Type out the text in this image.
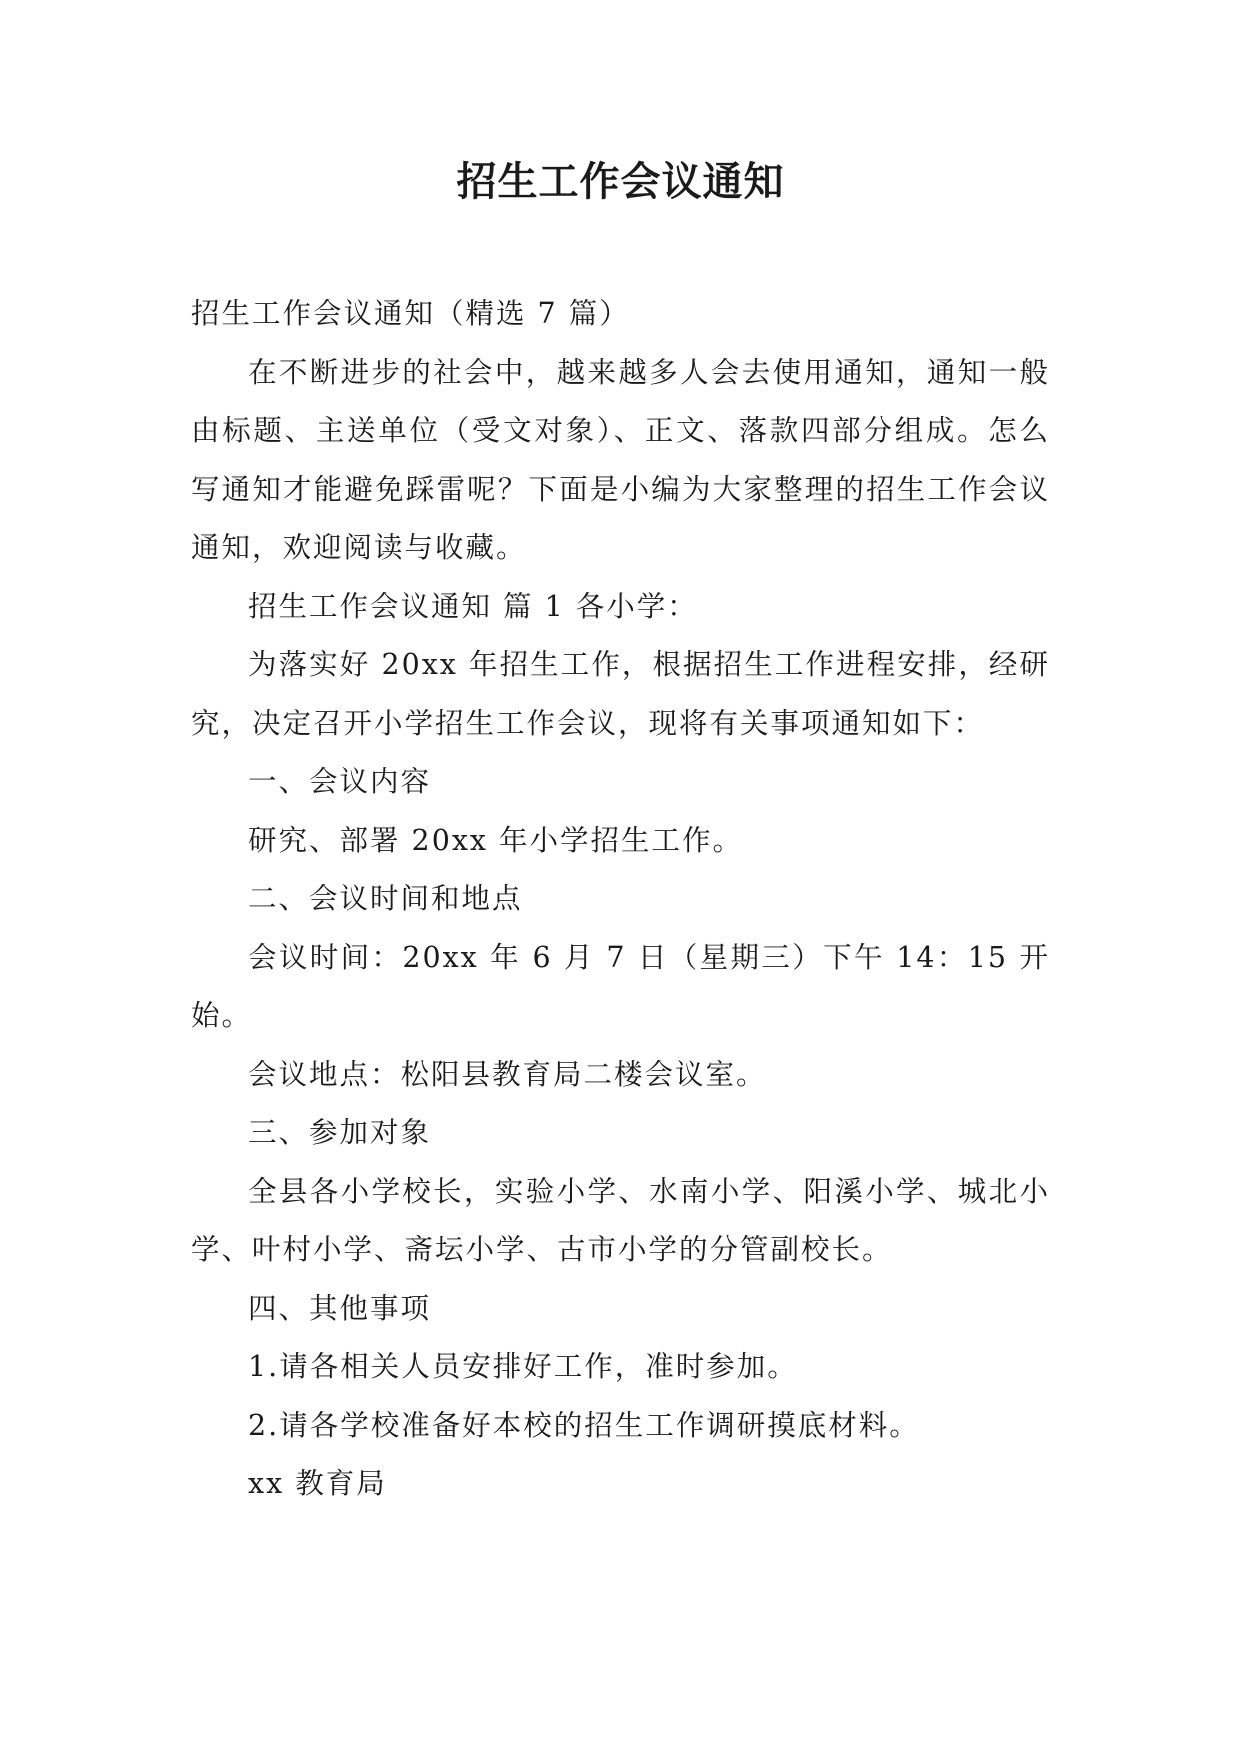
招生工作会议通知

招生工作会议通知（精选 7 篇）

在不断进步的社会中，越来越多人会去使用通知，通知一般由标题、主送单位（受文对象）、正文、落款四部分组成。怎么写通知才能避免踩雷呢？下面是小编为大家整理的招生工作会议通知，欢迎阅读与收藏。

招生工作会议通知 篇 1 各小学：

为落实好 20xx 年招生工作，根据招生工作进程安排，经研究，决定召开小学招生工作会议，现将有关事项通知如下：

一、会议内容

研究、部署 20xx 年小学招生工作。

二、会议时间和地点

会议时间：20xx 年 6 月 7 日（星期三）下午 14：15 开始。

会议地点：松阳县教育局二楼会议室。

三、参加对象

全县各小学校长，实验小学、水南小学、阳溪小学、城北小学、叶村小学、斋坛小学、古市小学的分管副校长。

四、其他事项

1.请各相关人员安排好工作，准时参加。

2.请各学校准备好本校的招生工作调研摸底材料。

xx 教育局
